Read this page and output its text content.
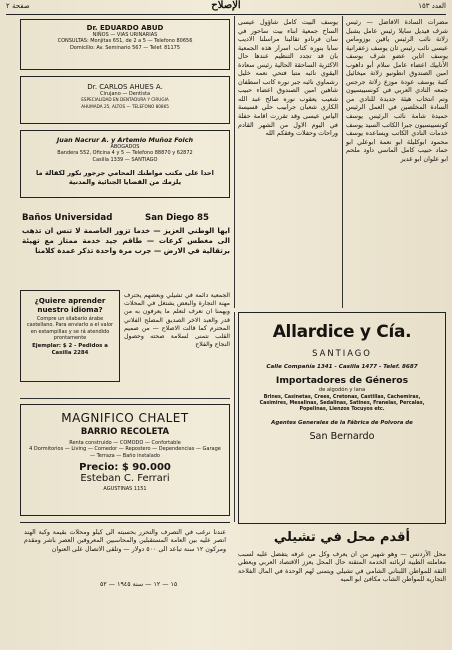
صفحة ٢	الإصلاح	العدد ١٥٣
Dr. EDUARDO ABUD
NIÑOS — VIAS URINARIAS
CONSULTAS: Monjitas 651, de 2 a 5 — Telefono 80656
Domicilio: Av. Seminario 567 — Telef. 81175
Dr. CARLOS AHUES A.
Cirujano — Dentista
ESPECIALIDAD EN DENTADURA Y CIRUGIA
AHUMADA 25, ALTOS — TELEFONO 80865
Juan Nacrur A. y Artemio Muñoz Folch
ABOGADOS
Bandera 552, Oficina 4 y 5 — Telefono 88870 y 62872
Casilla 1339 — SANTIAGO
احدا على مكتب مواطنك المحامي جرجور نكور لكفالة ما يلزمك من القضايا الجنائية والمدنية
Baños Universidad	San Diego 85
ايها الوطني العزيز — خدما تزور العاصمة لا تنس ان تذهب الى مغطس كرعات — طاقم جيد خدمة ممتاز مع تهيئة برتقالية في الارض — جرب مرة واحدة تذكر عمدة كلامنا
¿Quiere aprender nuestro idioma?
Compre un silabario árabe castellano. Para enviarlo a el valor en estampillas y se rá atendido prontamente
Ejemplar: $ 2 - Pedidos a Casilla 2284
الجمعية دائمة في تشيلي وبعضهم يحترف مهنة التجارة والبعض يشتغل في المحلات ويهمنا ان نعرف لنعلم ما يعرفون به من قدر والعبد الاخر الصديق المصلح الفلاني المحترم كما قالت الاصلاح — من صميم القلب نتمنى لسلامة صحته وحصول النجاح والفلاح
MAGNIFICO CHALET
BARRIO RECOLETA
Renta construido — COMODO — Confortable
4 Dormitorios — Living — Comedor — Repostero — Dependencias — Garage — Terraza — Baño instalado
Precio: $ 90.000
Esteban C. Ferrari
AGUSTINAS 1151
يوسف البيت كامل شاؤول عيسى الساح جمعية ابناء بيت ساحور في سان فرنادو تقالبنا مراسلنا الاديب سابا بنوره كتاب اسرار هذه الجمعية بان قد تجدد التنظيم عندها حال الاكثرية الساحقة الحالية رئيس سعادة اليقوي نائبه متبا فتحي نعمه خليل رشماوي نائبه جبر نوره كاتب اسطفان شاهين امين الصندوق اعضاء حبيب شعيب يعقوب نوره صالح عبد الله الكاري شعبان جرابيب حلي قسيسة الياس عيسى وقد تقررت اقامة حفلة في اليوم الاول من الشهر القادم وراحات وحفلات وفقكم الله
مضرات السادة الافاضل — رئيس شرف فيديل سايلا رئيس عامل يشبل زلاتة نائب الرئيس ياقين بوزوماس عيسى نائب رئيس ثان يوسف زعفرانية يوسف اتاين عضو شرف يوسف الأنابيك اعضاء عامل سلام أبو داهوب امين الصندوق انطونيو زلاتة ميخائيل كتبة يوسف عودة موزع زلاتة جرجس جمعه النادي العربي في كونسيبسيون وتم انتخاب هيئة جديدة للنادي من السادة المخلصين في العمل الرئيس حميدة شامة نائب الرئيس يوسف كونسيبسيون جبرا الكاتب السيد يوسف خدمات النادي الكاتب ويساعده يوسف محمود ابوكليلة ابو نعمة ابوعلي ابو حماد حبيب كامل الماسي داود ملحم ابو علوان ابو غدير
Allardice y Cía.
SANTIAGO
Calle Compañía 1341 - Casilla 1477 - Telef. 8687
Importadores de Géneros
de algodón y lana
Brines, Casinetas, Crees, Cretonas, Castillas, Cachemiras, Casimires, Mesalinas, Sedalinas, Satines, Franelas, Percalas, Popelinas, Lienzos Tocuyos etc.
Agentes Generales de la Fábrica de Polvora de
San Bernardo
أقدم محل في تشيلي
محل الأردنس — وهو شهير من ان يعرف وكل من عرفه يتفضل عليه لسبب معاملته الطيبة لزبائنه الخدمة المتقنة حال المحل يعزز الاقتصاد العربي ويعطي الثقة للمواطن اللبناني الشامي في تشيلي ويتمنى لهم الوحدة في المال الفلاحة التجارية للمواطن الشاب مكافئ ابو الميه
عندنا نرغب في التصرف والتحرر بحسبته الى كيلو ومحلات بقيمة وكبة الهند انصر عليه بين العامة المستقبلين والمحاسبين المعروفين العصر باشر ومقدم ومركون ١٢ سنة تباعد الى ٥٠٠ دولار — وتلقى الاتصال على العنوان
١٥ — ١٢ — سنة ١٩٤٥ — ٥٢
